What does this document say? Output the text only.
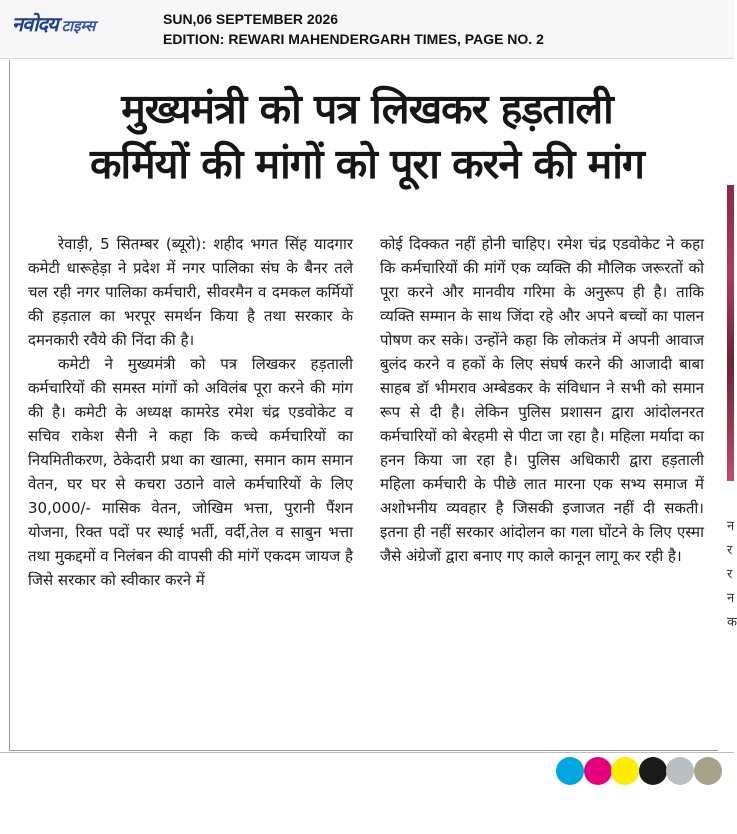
नवोदय टाइम्स	SUN,06 SEPTEMBER 2026
EDITION: REWARI MAHENDERGARH TIMES, PAGE NO. 2
मुख्यमंत्री को पत्र लिखकर हड़ताली
कर्मियों की मांगों को पूरा करने की मांग

रेवाड़ी, 5 सितम्बर (ब्यूरो): शहीद भगत सिंह यादगार कमेटी धारूहेड़ा ने प्रदेश में नगर पालिका संघ के बैनर तले चल रही नगर पालिका कर्मचारी, सीवरमैन व दमकल कर्मियों की हड़ताल का भरपूर समर्थन किया है तथा सरकार के दमनकारी रवैये की निंदा की है।

कमेटी ने मुख्यमंत्री को पत्र लिखकर हड़ताली कर्मचारियों की समस्त मांगों को अविलंब पूरा करने की मांग की है। कमेटी के अध्यक्ष कामरेड रमेश चंद्र एडवोकेट व सचिव राकेश सैनी ने कहा कि कच्चे कर्मचारियों का नियमितीकरण, ठेकेदारी प्रथा का खात्मा, समान काम समान वेतन, घर घर से कचरा उठाने वाले कर्मचारियों के लिए 30,000/- मासिक वेतन, जोखिम भत्ता, पुरानी पैंशन योजना, रिक्त पदों पर स्थाई भर्ती, वर्दी,तेल व साबुन भत्ता तथा मुकद्दमों व निलंबन की वापसी की मांगें एकदम जायज है जिसे सरकार को स्वीकार करने में

कोई दिक्कत नहीं होनी चाहिए। रमेश चंद्र एडवोकेट ने कहा कि कर्मचारियों की मांगें एक व्यक्ति की मौलिक जरूरतों को पूरा करने और मानवीय गरिमा के अनुरूप ही है। ताकि व्यक्ति सम्मान के साथ जिंदा रहे और अपने बच्चों का पालन पोषण कर सके। उन्होंने कहा कि लोकतंत्र में अपनी आवाज बुलंद करने व हकों के लिए संघर्ष करने की आजादी बाबा साहब डॉ भीमराव अम्बेडकर के संविधान ने सभी को समान रूप से दी है। लेकिन पुलिस प्रशासन द्वारा आंदोलनरत कर्मचारियों को बेरहमी से पीटा जा रहा है। महिला मर्यादा का हनन किया जा रहा है। पुलिस अधिकारी द्वारा हड़ताली महिला कर्मचारी के पीछे लात मारना एक सभ्य समाज में अशोभनीय व्यवहार है जिसकी इजाजत नहीं दी सकती। इतना ही नहीं सरकार आंदोलन का गला घोंटने के लिए एस्मा जैसे अंग्रेजों द्वारा बनाए गए काले कानून लागू कर रही है।

न
र
र
न
क
